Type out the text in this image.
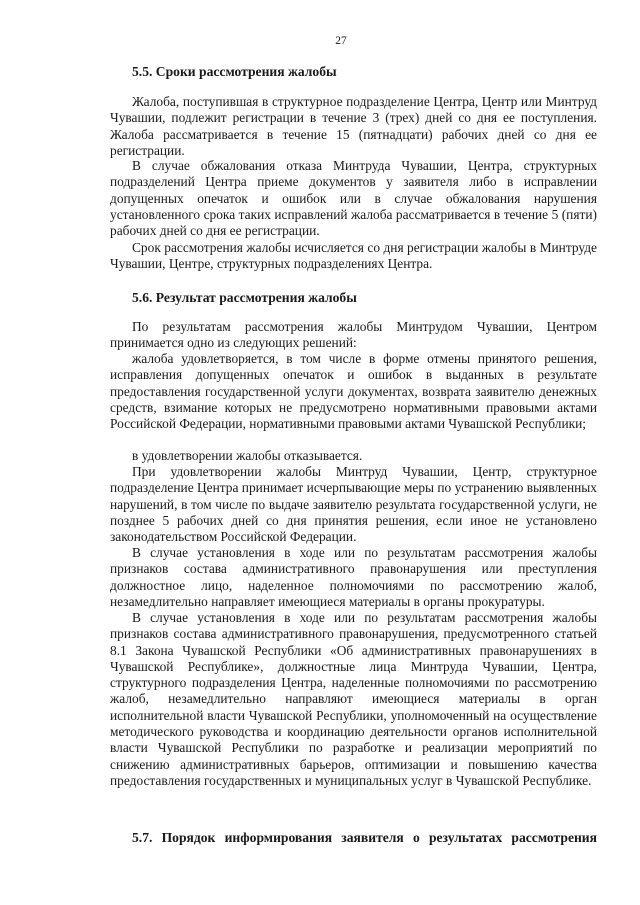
27
5.5. Сроки рассмотрения жалобы

Жалоба, поступившая в структурное подразделение Центра, Центр или Минтруд Чувашии, подлежит регистрации в течение 3 (трех) дней со дня ее поступления. Жалоба рассматривается в течение 15 (пятнадцати) рабочих дней со дня ее регистрации.

В случае обжалования отказа Минтруда Чувашии, Центра, структурных подразделений Центра приеме документов у заявителя либо в исправлении допущенных опечаток и ошибок или в случае обжалования нарушения установленного срока таких исправлений жалоба рассматривается в течение 5 (пяти) рабочих дней со дня ее регистрации.

Срок рассмотрения жалобы исчисляется со дня регистрации жалобы в Минтруде Чувашии, Центре, структурных подразделениях Центра.

5.6. Результат рассмотрения жалобы

По результатам рассмотрения жалобы Минтрудом Чувашии, Центром принимается одно из следующих решений:

жалоба удовлетворяется, в том числе в форме отмены принятого решения, исправления допущенных опечаток и ошибок в выданных в результате предоставления государственной услуги документах, возврата заявителю денежных средств, взимание которых не предусмотрено нормативными правовыми актами Российской Федерации, нормативными правовыми актами Чувашской Республики;

в удовлетворении жалобы отказывается.

При удовлетворении жалобы Минтруд Чувашии, Центр, структурное подразделение Центра принимает исчерпывающие меры по устранению выявленных нарушений, в том числе по выдаче заявителю результата государственной услуги, не позднее 5 рабочих дней со дня принятия решения, если иное не установлено законодательством Российской Федерации.

В случае установления в ходе или по результатам рассмотрения жалобы признаков состава административного правонарушения или преступления должностное лицо, наделенное полномочиями по рассмотрению жалоб, незамедлительно направляет имеющиеся материалы в органы прокуратуры.

В случае установления в ходе или по результатам рассмотрения жалобы признаков состава административного правонарушения, предусмотренного статьей 8.1 Закона Чувашской Республики «Об административных правонарушениях в Чувашской Республике», должностные лица Минтруда Чувашии, Центра, структурного подразделения Центра, наделенные полномочиями по рассмотрению жалоб, незамедлительно направляют имеющиеся материалы в орган исполнительной власти Чувашской Республики, уполномоченный на осуществление методического руководства и координацию деятельности органов исполнительной власти Чувашской Республики по разработке и реализации мероприятий по снижению административных барьеров, оптимизации и повышению качества предоставления государственных и муниципальных услуг в Чувашской Республике.

5.7. Порядок информирования заявителя о результатах рассмотрения
